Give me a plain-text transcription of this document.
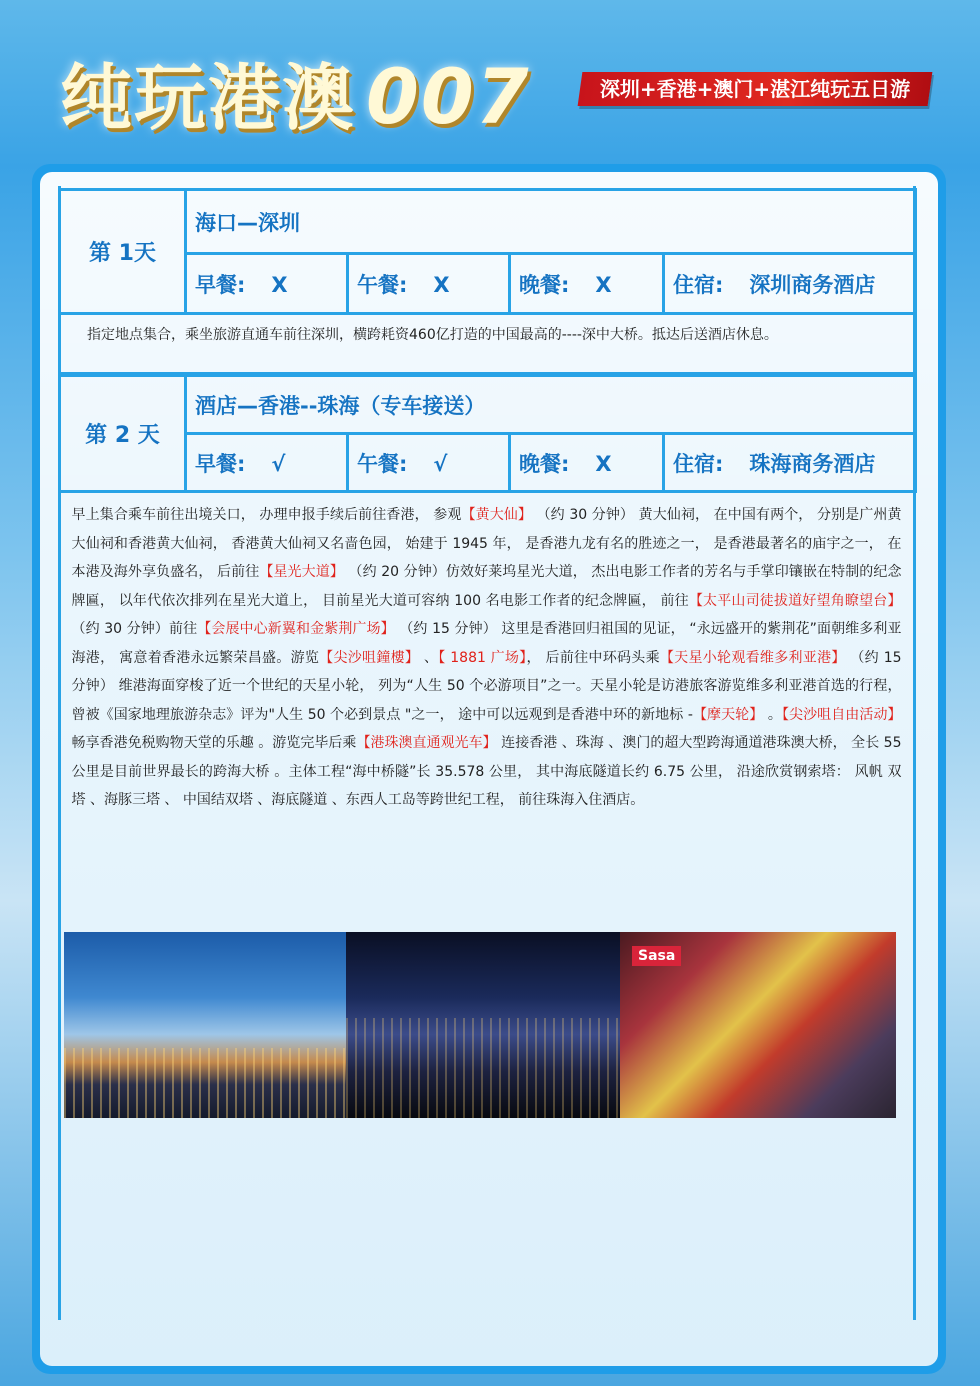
纯玩港澳 007	深圳+香港+澳门+湛江纯玩五日游
第 1天	海口—深圳			
	早餐: X	午餐: X	晚餐: X	住宿: 深圳商务酒店
指定地点集合，乘坐旅游直通车前往深圳，横跨耗资460亿打造的中国最高的----深中大桥。抵达后送酒店休息。				
第 2 天	酒店—香港--珠海（专车接送）			
	早餐: √	午餐: √	晚餐: X	住宿: 珠海商务酒店
早上集合乘车前往出境关口， 办理申报手续后前往香港， 参观【黄大仙】 （约 30 分钟） 黄大仙祠， 在中国有两个， 分别是广州黄大仙祠和香港黄大仙祠， 香港黄大仙祠又名啬色园， 始建于 1945 年， 是香港九龙有名的胜迹之一， 是香港最著名的庙宇之一， 在本港及海外享负盛名， 后前往【星光大道】 （约 20 分钟）仿效好莱坞星光大道， 杰出电影工作者的芳名与手掌印镶嵌在特制的纪念牌匾， 以年代依次排列在星光大道上， 目前星光大道可容纳 100 名电影工作者的纪念牌匾， 前往【太平山司徒拔道好望角瞭望台】 （约 30 分钟）前往【会展中心新翼和金紫荆广场】 （约 15 分钟） 这里是香港回归祖国的见证， “永远盛开的紫荆花”面朝维多利亚海港， 寓意着香港永远繁荣昌盛。游览【尖沙咀鐘樓】 、【 1881 广场】， 后前往中环码头乘【天星小轮观看维多利亚港】 （约 15 分钟） 维港海面穿梭了近一个世纪的天星小轮， 列为“人生 50 个必游项目”之一。天星小轮是访港旅客游览维多利亚港首选的行程， 曾被《国家地理旅游杂志》评为"人生 50 个必到景点 "之一， 途中可以远观到是香港中环的新地标 -【摩天轮】 。【尖沙咀自由活动】 畅享香港免税购物天堂的乐趣 。游览完毕后乘【港珠澳直通观光车】 连接香港 、珠海 、澳门的超大型跨海通道港珠澳大桥， 全长 55 公里是目前世界最长的跨海大桥 。主体工程“海中桥隧”长 35.578 公里， 其中海底隧道长约 6.75 公里， 沿途欣赏钢索塔： 风帆 双塔 、海豚三塔 、 中国结双塔 、海底隧道 、东西人工岛等跨世纪工程， 前往珠海入住酒店。				
Sasa
